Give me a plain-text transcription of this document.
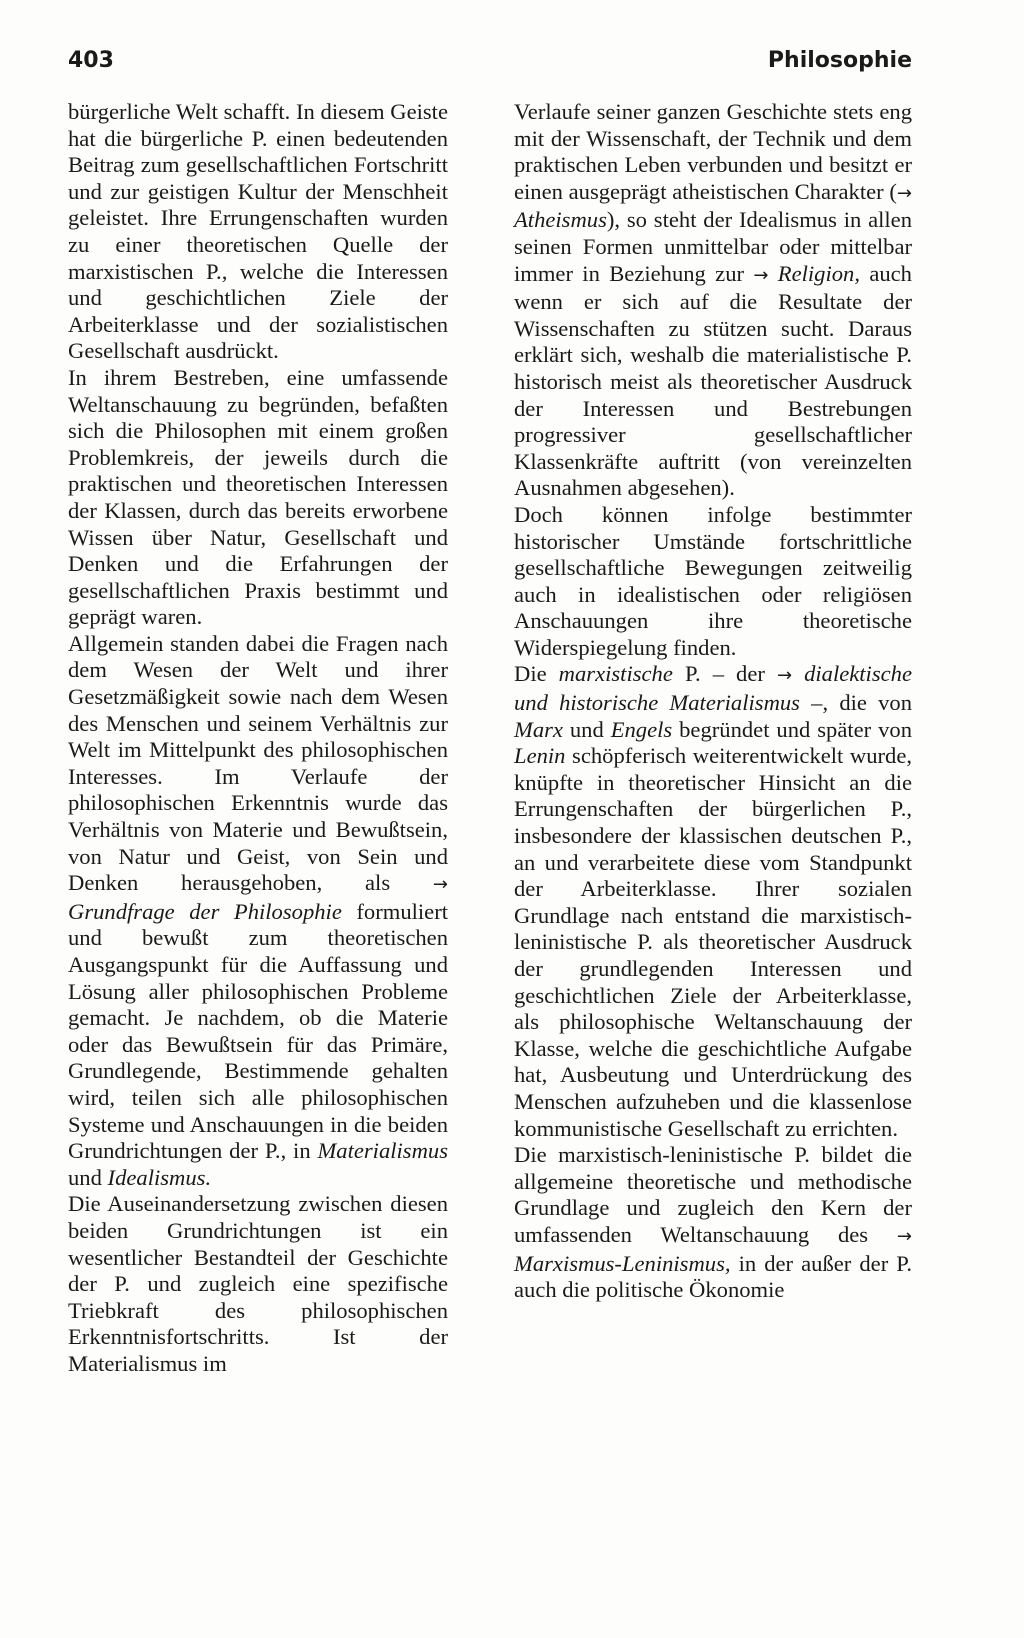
403	Philosophie

bürgerliche Welt schafft. In diesem Geiste hat die bürgerliche P. einen bedeutenden Beitrag zum gesellschaftlichen Fortschritt und zur geistigen Kultur der Menschheit geleistet. Ihre Errungenschaften wurden zu einer theoretischen Quelle der marxistischen P., welche die Interessen und geschichtlichen Ziele der Arbeiterklasse und der sozialistischen Gesellschaft ausdrückt.

In ihrem Bestreben, eine umfassende Weltanschauung zu begründen, befaßten sich die Philosophen mit einem großen Problemkreis, der jeweils durch die praktischen und theoretischen Interessen der Klassen, durch das bereits erworbene Wissen über Natur, Gesellschaft und Denken und die Erfahrungen der gesellschaftlichen Praxis bestimmt und geprägt waren.

Allgemein standen dabei die Fragen nach dem Wesen der Welt und ihrer Gesetzmäßigkeit sowie nach dem Wesen des Menschen und seinem Verhältnis zur Welt im Mittelpunkt des philosophischen Interesses. Im Verlaufe der philosophischen Erkenntnis wurde das Verhältnis von Materie und Bewußtsein, von Natur und Geist, von Sein und Denken herausgehoben, als → Grundfrage der Philosophie formuliert und bewußt zum theoretischen Ausgangspunkt für die Auffassung und Lösung aller philosophischen Probleme gemacht. Je nachdem, ob die Materie oder das Bewußtsein für das Primäre, Grundlegende, Bestimmende gehalten wird, teilen sich alle philosophischen Systeme und Anschauungen in die beiden Grundrichtungen der P., in Materialismus und Idealismus.

Die Auseinandersetzung zwischen diesen beiden Grundrichtungen ist ein wesentlicher Bestandteil der Geschichte der P. und zugleich eine spezifische Triebkraft des philosophischen Erkenntnisfortschritts. Ist der Materialismus im

Verlaufe seiner ganzen Geschichte stets eng mit der Wissenschaft, der Technik und dem praktischen Leben verbunden und besitzt er einen ausgeprägt atheistischen Charakter (→ Atheismus), so steht der Idealismus in allen seinen Formen unmittelbar oder mittelbar immer in Beziehung zur → Religion, auch wenn er sich auf die Resultate der Wissenschaften zu stützen sucht. Daraus erklärt sich, weshalb die materialistische P. historisch meist als theoretischer Ausdruck der Interessen und Bestrebungen progressiver gesellschaftlicher Klassenkräfte auftritt (von vereinzelten Ausnahmen abgesehen).

Doch können infolge bestimmter historischer Umstände fortschrittliche gesellschaftliche Bewegungen zeitweilig auch in idealistischen oder religiösen Anschauungen ihre theoretische Widerspiegelung finden.

Die marxistische P. – der → dialektische und historische Materialismus –, die von Marx und Engels begründet und später von Lenin schöpferisch weiterentwickelt wurde, knüpfte in theoretischer Hinsicht an die Errungenschaften der bürgerlichen P., insbesondere der klassischen deutschen P., an und verarbeitete diese vom Standpunkt der Arbeiterklasse. Ihrer sozialen Grundlage nach entstand die marxistisch-leninistische P. als theoretischer Ausdruck der grundlegenden Interessen und geschichtlichen Ziele der Arbeiterklasse, als philosophische Weltanschauung der Klasse, welche die geschichtliche Aufgabe hat, Ausbeutung und Unterdrückung des Menschen aufzuheben und die klassenlose kommunistische Gesellschaft zu errichten.

Die marxistisch-leninistische P. bildet die allgemeine theoretische und methodische Grundlage und zugleich den Kern der umfassenden Weltanschauung des → Marxismus-Leninismus, in der außer der P. auch die politische Ökonomie
